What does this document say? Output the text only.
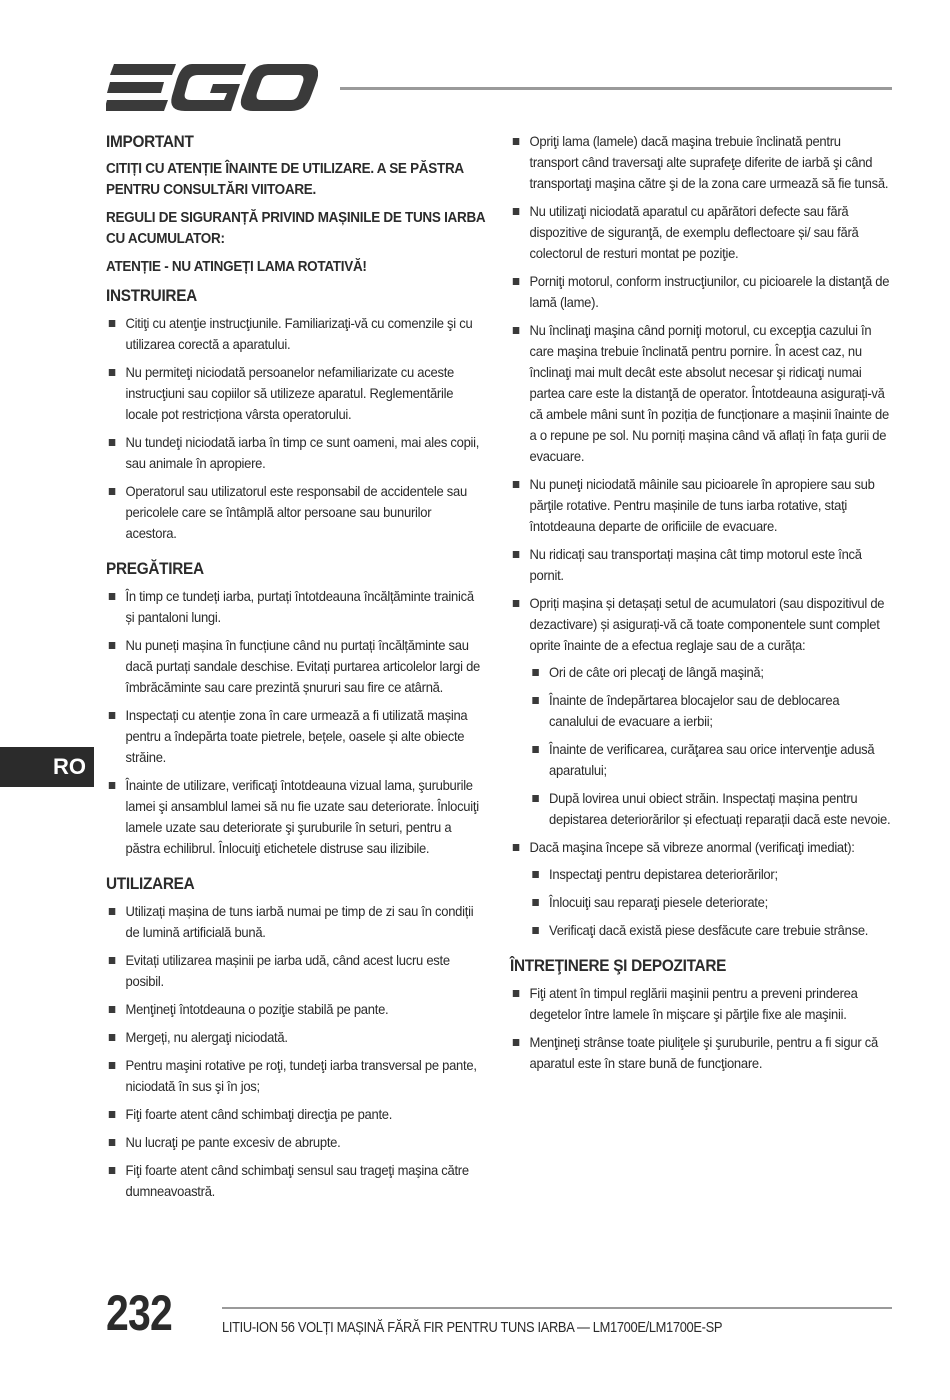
IMPORTANT
CITIȚI CU ATENȚIE ÎNAINTE DE UTILIZARE. A SE PĂSTRA PENTRU CONSULTĂRI VIITOARE.
REGULI DE SIGURANȚĂ PRIVIND MAȘINILE DE TUNS IARBA CU ACUMULATOR:
ATENȚIE - NU ATINGEȚI LAMA ROTATIVĂ!
INSTRUIREA
Citiţi cu atenţie instrucţiunile. Familiarizaţi-vă cu comenzile şi cu utilizarea corectă a aparatului.
Nu permiteţi niciodată persoanelor nefamiliarizate cu aceste instrucţiuni sau copiilor să utilizeze aparatul. Reglementările locale pot restricționa vârsta operatorului.
Nu tundeţi niciodată iarba în timp ce sunt oameni, mai ales copii, sau animale în apropiere.
Operatorul sau utilizatorul este responsabil de accidentele sau pericolele care se întâmplă altor persoane sau bunurilor acestora.
PREGĂTIREA
În timp ce tundeți iarba, purtați întotdeauna încălțăminte trainică și pantaloni lungi.
Nu puneți mașina în funcțiune când nu purtați încălțăminte sau dacă purtați sandale deschise. Evitați purtarea articolelor largi de îmbrăcăminte sau care prezintă șnururi sau fire ce atârnă.
Inspectați cu atenție zona în care urmează a fi utilizată mașina pentru a îndepărta toate pietrele, bețele, oasele și alte obiecte străine.
Înainte de utilizare, verificaţi întotdeauna vizual lama, şuruburile lamei şi ansamblul lamei să nu fie uzate sau deteriorate. Înlocuiţi lamele uzate sau deteriorate şi şuruburile în seturi, pentru a păstra echilibrul. Înlocuiţi etichetele distruse sau ilizibile.
UTILIZAREA
Utilizați mașina de tuns iarbă numai pe timp de zi sau în condiții de lumină artificială bună.
Evitați utilizarea mașinii pe iarba udă, când acest lucru este posibil.
Menţineţi întotdeauna o poziţie stabilă pe pante.
Mergeți, nu alergaţi niciodată.
Pentru maşini rotative pe roţi, tundeţi iarba transversal pe pante, niciodată în sus şi în jos;
Fiţi foarte atent când schimbaţi direcţia pe pante.
Nu lucraţi pe pante excesiv de abrupte.
Fiţi foarte atent când schimbaţi sensul sau trageţi maşina către dumneavoastră.
Opriţi lama (lamele) dacă maşina trebuie înclinată pentru transport când traversaţi alte suprafeţe diferite de iarbă şi când transportaţi maşina către şi de la zona care urmează să fie tunsă.
Nu utilizaţi niciodată aparatul cu apărători defecte sau fără dispozitive de siguranţă, de exemplu deflectoare și/ sau fără colectorul de resturi montat pe poziţie.
Porniţi motorul, conform instrucţiunilor, cu picioarele la distanţă de lamă (lame).
Nu înclinaţi maşina când porniţi motorul, cu excepţia cazului în care maşina trebuie înclinată pentru pornire. În acest caz, nu înclinaţi mai mult decât este absolut necesar şi ridicaţi numai partea care este la distanţă de operator. Întotdeauna asigurați-vă că ambele mâni sunt în poziția de funcționare a mașinii înainte de a o repune pe sol. Nu porniți mașina când vă aflați în fața gurii de evacuare.
Nu puneţi niciodată mâinile sau picioarele în apropiere sau sub părţile rotative. Pentru mașinile de tuns iarba rotative, staţi întotdeauna departe de orificiile de evacuare.
Nu ridicați sau transportați mașina cât timp motorul este încă pornit.
Opriți mașina și detașați setul de acumulatori (sau dispozitivul de dezactivare) și asigurați-vă că toate componentele sunt complet oprite înainte de a efectua reglaje sau de a curăța:
Ori de câte ori plecaţi de lângă maşină;
Înainte de îndepărtarea blocajelor sau de deblocarea canalului de evacuare a ierbii;
Înainte de verificarea, curăţarea sau orice intervenţie adusă aparatului;
După lovirea unui obiect străin. Inspectați mașina pentru depistarea deteriorărilor și efectuați reparații dacă este nevoie.
Dacă maşina începe să vibreze anormal (verificaţi imediat):
Inspectaţi pentru depistarea deteriorărilor;
Înlocuiţi sau reparaţi piesele deteriorate;
Verificaţi dacă există piese desfăcute care trebuie strânse.
ÎNTREŢINERE ŞI DEPOZITARE
Fiţi atent în timpul reglării maşinii pentru a preveni prinderea degetelor între lamele în mişcare şi părţile fixe ale maşinii.
Menţineţi strânse toate piuliţele şi şuruburile, pentru a fi sigur că aparatul este în stare bună de funcţionare.
RO
232	LITIU-ION 56 VOLȚI MAȘINĂ FĂRĂ FIR PENTRU TUNS IARBA — LM1700E/LM1700E-SP
